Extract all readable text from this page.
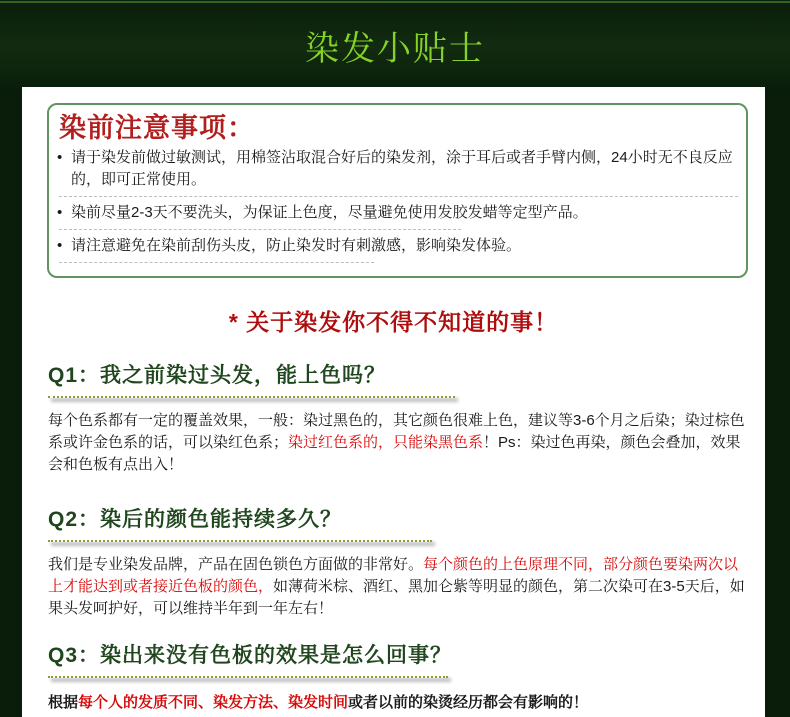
染发小贴士
染前注意事项：
• 请于染发前做过敏测试，用棉签沾取混合好后的染发剂，涂于耳后或者手臂内侧，24小时无不良反应的，即可正常使用。
• 染前尽量2-3天不要洗头，为保证上色度，尽量避免使用发胶发蜡等定型产品。
• 请注意避免在染前刮伤头皮，防止染发时有刺激感，影响染发体验。
* 关于染发你不得不知道的事！
Q1：我之前染过头发，能上色吗？

每个色系都有一定的覆盖效果，一般：染过黑色的，其它颜色很难上色，建议等3-6个月之后染；染过棕色系或许金色系的话，可以染红色系；染过红色系的，只能染黑色系！Ps：染过色再染，颜色会叠加，效果会和色板有点出入！

Q2：染后的颜色能持续多久？

我们是专业染发品牌，产品在固色锁色方面做的非常好。每个颜色的上色原理不同，部分颜色要染两次以上才能达到或者接近色板的颜色，如薄荷米棕、酒红、黑加仑紫等明显的颜色，第二次染可在3-5天后，如果头发呵护好，可以维持半年到一年左右！

Q3：染出来没有色板的效果是怎么回事？

根据每个人的发质不同、染发方法、染发时间或者以前的染烫经历都会有影响的！
